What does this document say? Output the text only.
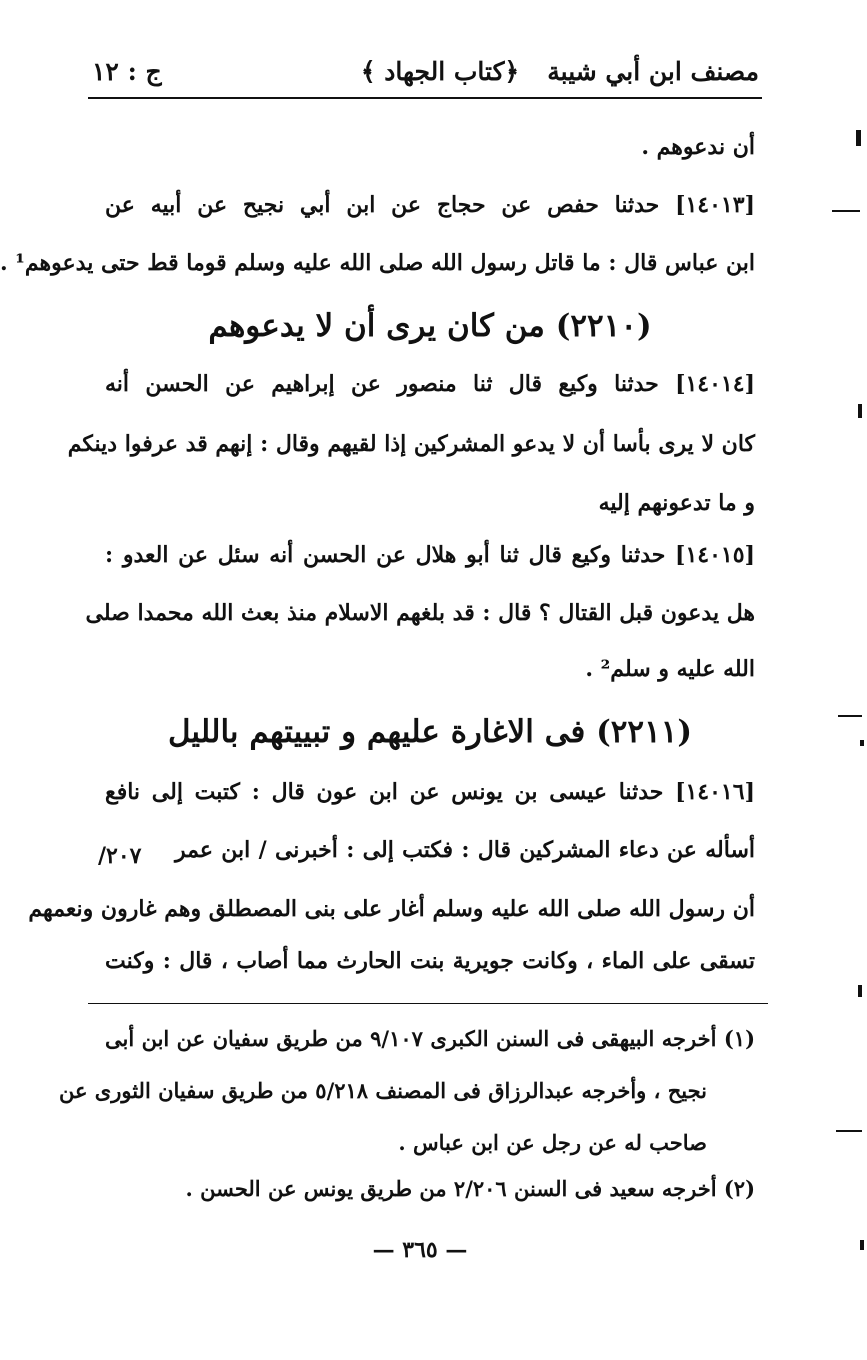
مصنف ابن أبي شيبة
﴿كتاب الجهاد ﴾
ج : ١٢
أن ندعوهم .
[١٤٠١٣] حدثنا حفص عن حجاج عن ابن أبي نجيح عن أبيه عن
ابن عباس قال : ما قاتل رسول الله صلى الله عليه وسلم قوما قط حتى يدعوهم¹ .
(٢٢١٠) من كان يرى أن لا يدعوهم
[١٤٠١٤] حدثنا وكيع قال ثنا منصور عن إبراهيم عن الحسن أنه
كان لا يرى بأسا أن لا يدعو المشركين إذا لقيهم وقال : إنهم قد عرفوا دينكم
و ما تدعونهم إليه
[١٤٠١٥] حدثنا وكيع قال ثنا أبو هلال عن الحسن أنه سئل عن العدو :
هل يدعون قبل القتال ؟ قال : قد بلغهم الاسلام منذ بعث الله محمدا صلى
الله عليه و سلم² .
(٢٢١١) فى الاغارة عليهم و تبييتهم بالليل
[١٤٠١٦] حدثنا عيسى بن يونس عن ابن عون قال : كتبت إلى نافع
أسأله عن دعاء المشركين قال : فكتب إلى : أخبرنى / ابن عمر
/٢٠٧
أن رسول الله صلى الله عليه وسلم أغار على بنى المصطلق وهم غارون ونعمهم
تسقى على الماء ، وكانت جويرية بنت الحارث مما أصاب ، قال : وكنت
(١) أخرجه البيهقى فى السنن الكبرى ٩/١٠٧ من طريق سفيان عن ابن أبى
نجيح ، وأخرجه عبدالرزاق فى المصنف ٥/٢١٨ من طريق سفيان الثورى عن
صاحب له عن رجل عن ابن عباس .
(٢) أخرجه سعيد فى السنن ٢/٢٠٦ من طريق يونس عن الحسن .
— ٣٦٥ —
